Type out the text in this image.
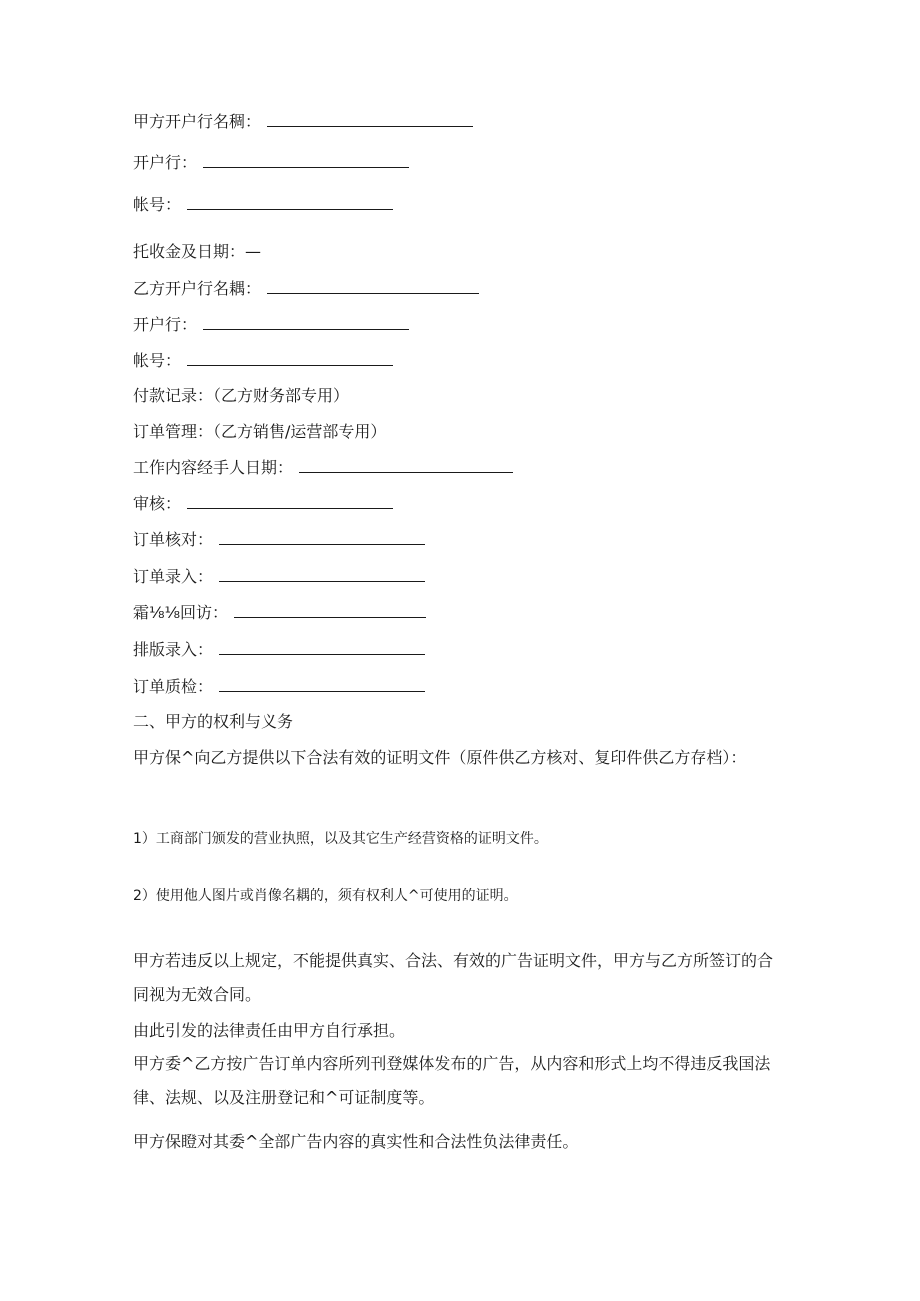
甲方开户行名稠：
开户行：
帐号：
托收金及日期：—
乙方开户行名耦：
开户行：
帐号：
付款记录：（乙方财务部专用）
订单管理：（乙方销售/运营部专用）
工作内容经手人日期：
审核：
订单核对：
订单录入：
霜⅛⅛回访：
排版录入：
订单质检：
二、甲方的权利与义务
甲方保^向乙方提供以下合法有效的证明文件（原件供乙方核对、复印件供乙方存档）：
1）工商部门颁发的营业执照，以及其它生产经营资格的证明文件。
2）使用他人图片或肖像名耦的，须有权利人^可使用的证明。
甲方若违反以上规定，不能提供真实、合法、有效的广告证明文件，甲方与乙方所签订的合同视为无效合同。
由此引发的法律责任由甲方自行承担。
甲方委^乙方按广告订单内容所列刊登媒体发布的广告，从内容和形式上均不得违反我国法律、法规、以及注册登记和^可证制度等。
甲方保瞪对其委^全部广告内容的真实性和合法性负法律责任。
